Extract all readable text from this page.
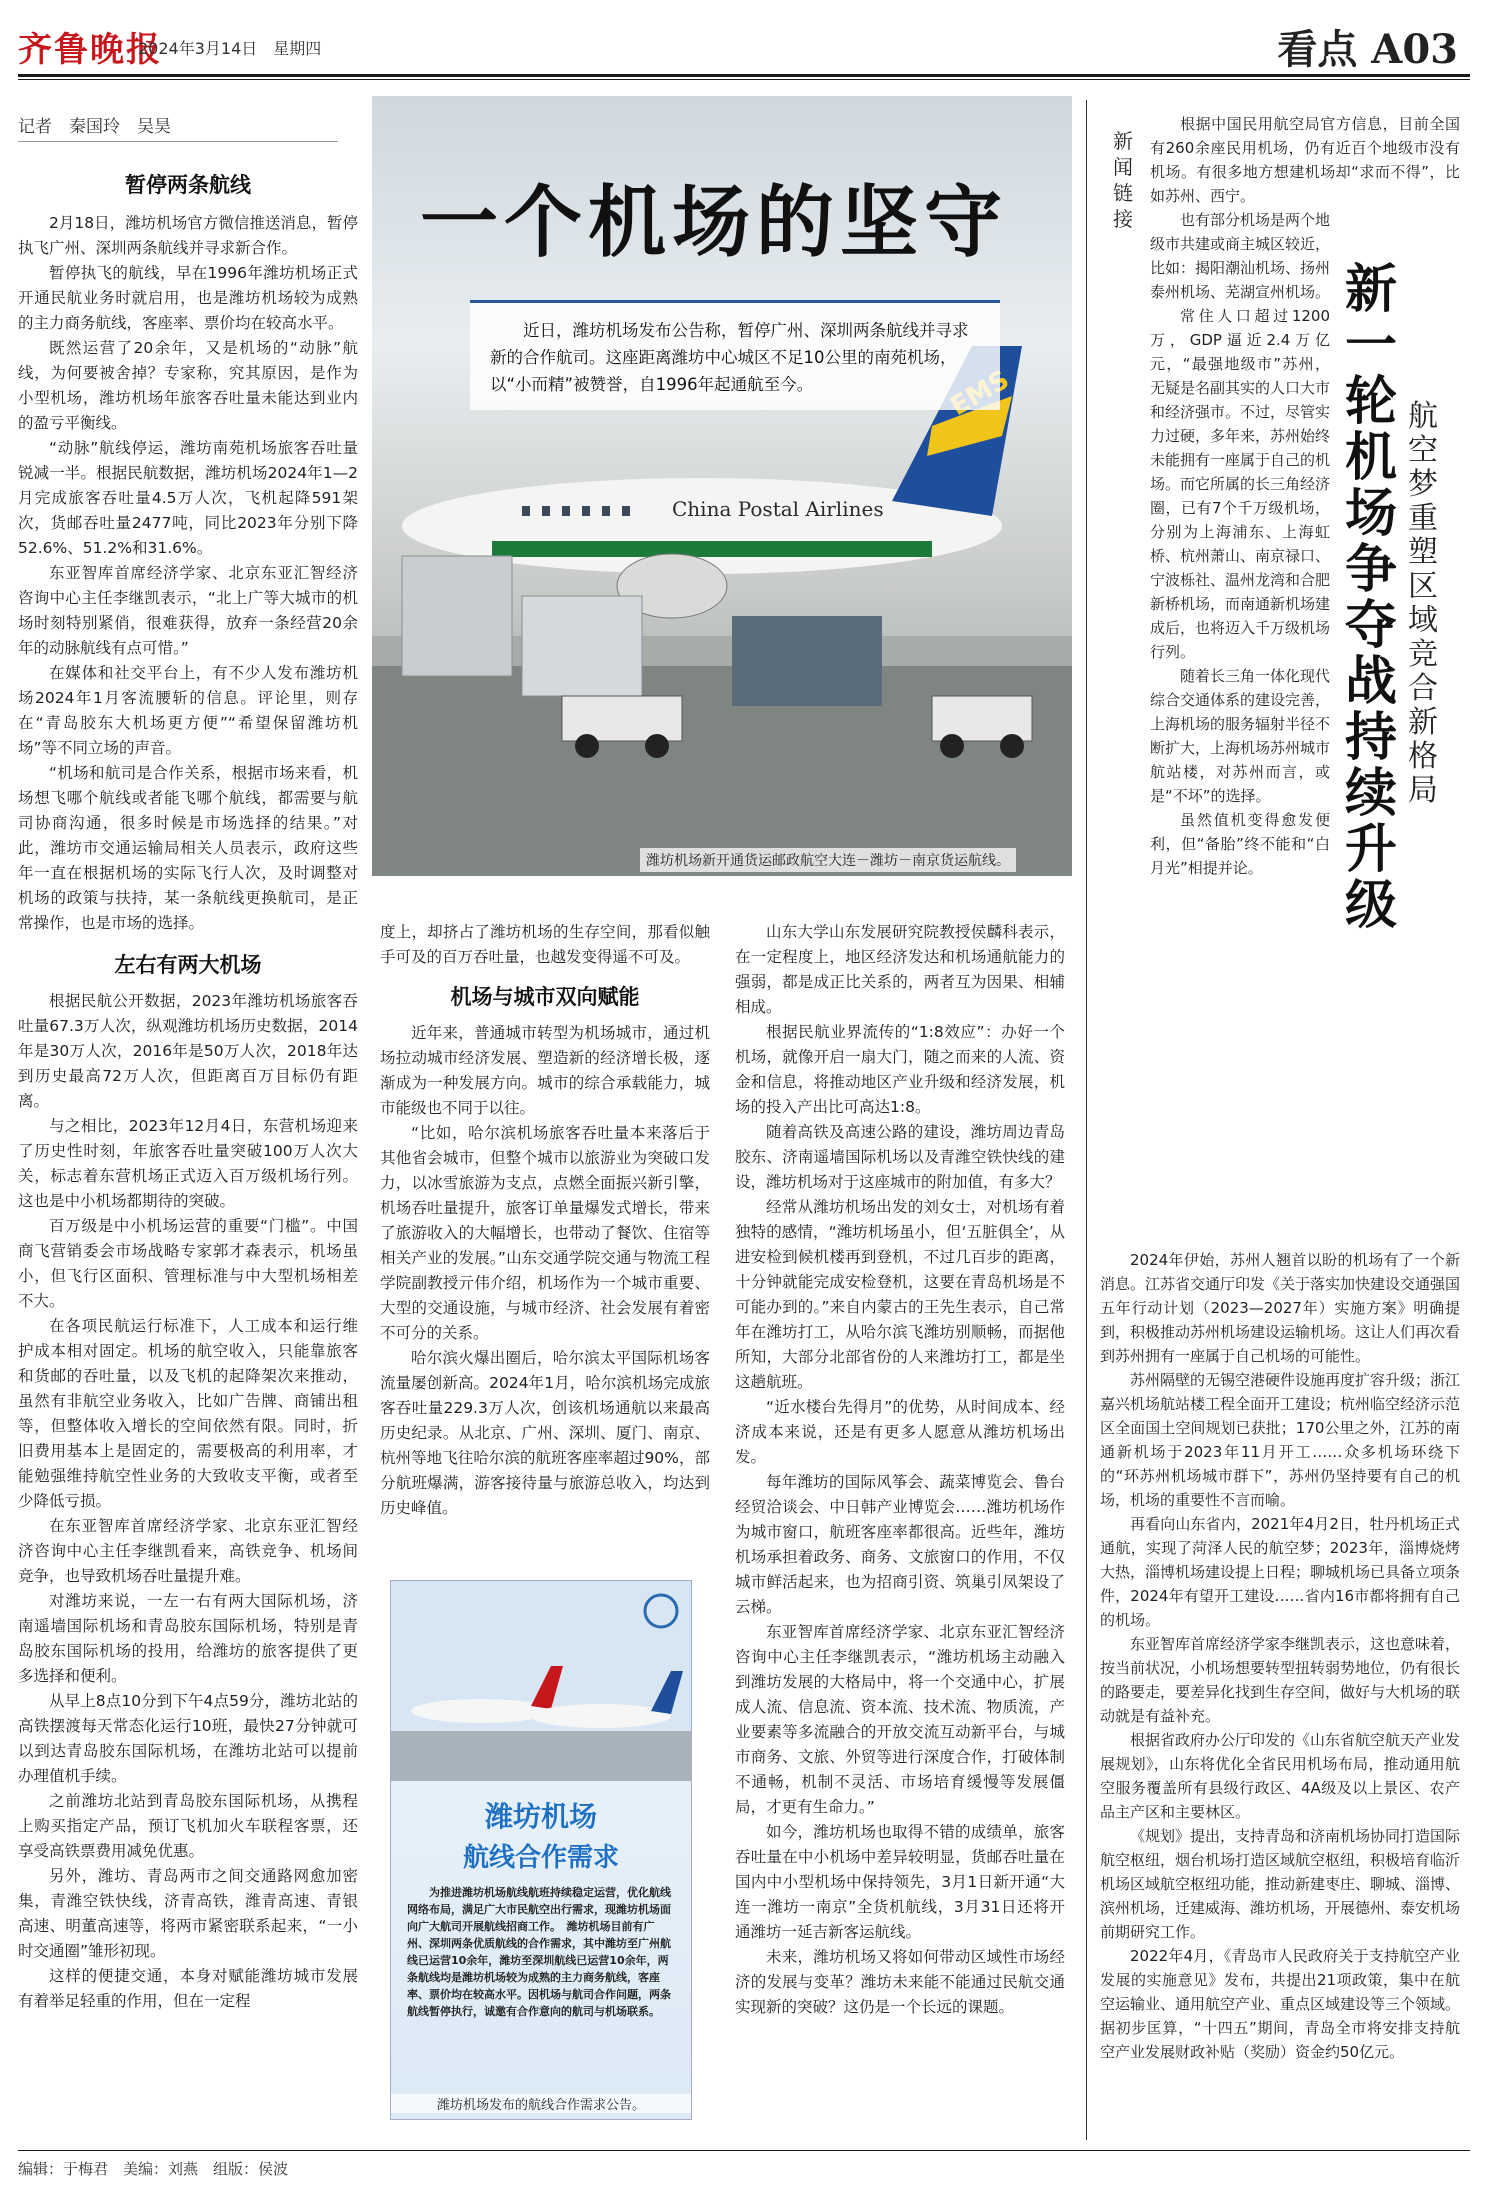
齐鲁晚报
2024年3月14日　星期四	看点 A03
记者　秦国玲　吴昊
暂停两条航线

2月18日，潍坊机场官方微信推送消息，暂停执飞广州、深圳两条航线并寻求新合作。

暂停执飞的航线，早在1996年潍坊机场正式开通民航业务时就启用，也是潍坊机场较为成熟的主力商务航线，客座率、票价均在较高水平。

既然运营了20余年，又是机场的“动脉”航线，为何要被舍掉？专家称，究其原因，是作为小型机场，潍坊机场年旅客吞吐量未能达到业内的盈亏平衡线。

“动脉”航线停运，潍坊南苑机场旅客吞吐量锐减一半。根据民航数据，潍坊机场2024年1—2月完成旅客吞吐量4.5万人次，飞机起降591架次，货邮吞吐量2477吨，同比2023年分别下降52.6%、51.2%和31.6%。

东亚智库首席经济学家、北京东亚汇智经济咨询中心主任李继凯表示，“北上广等大城市的机场时刻特别紧俏，很难获得，放弃一条经营20余年的动脉航线有点可惜。”

在媒体和社交平台上，有不少人发布潍坊机场2024年1月客流腰斩的信息。评论里，则存在“青岛胶东大机场更方便”“希望保留潍坊机场”等不同立场的声音。

“机场和航司是合作关系，根据市场来看，机场想飞哪个航线或者能飞哪个航线，都需要与航司协商沟通，很多时候是市场选择的结果。”对此，潍坊市交通运输局相关人员表示，政府这些年一直在根据机场的实际飞行人次，及时调整对机场的政策与扶持，某一条航线更换航司，是正常操作，也是市场的选择。

左右有两大机场

根据民航公开数据，2023年潍坊机场旅客吞吐量67.3万人次，纵观潍坊机场历史数据，2014年是30万人次，2016年是50万人次，2018年达到历史最高72万人次，但距离百万目标仍有距离。

与之相比，2023年12月4日，东营机场迎来了历史性时刻，年旅客吞吐量突破100万人次大关，标志着东营机场正式迈入百万级机场行列。这也是中小机场都期待的突破。

百万级是中小机场运营的重要“门槛”。中国商飞营销委会市场战略专家郭才森表示，机场虽小，但飞行区面积、管理标准与中大型机场相差不大。

在各项民航运行标准下，人工成本和运行维护成本相对固定。机场的航空收入，只能靠旅客和货邮的吞吐量，以及飞机的起降架次来推动，虽然有非航空业务收入，比如广告牌、商铺出租等，但整体收入增长的空间依然有限。同时，折旧费用基本上是固定的，需要极高的利用率，才能勉强维持航空性业务的大致收支平衡，或者至少降低亏损。

在东亚智库首席经济学家、北京东亚汇智经济咨询中心主任李继凯看来，高铁竞争、机场间竞争，也导致机场吞吐量提升难。

对潍坊来说，一左一右有两大国际机场，济南遥墙国际机场和青岛胶东国际机场，特别是青岛胶东国际机场的投用，给潍坊的旅客提供了更多选择和便利。

从早上8点10分到下午4点59分，潍坊北站的高铁摆渡每天常态化运行10班，最快27分钟就可以到达青岛胶东国际机场，在潍坊北站可以提前办理值机手续。

之前潍坊北站到青岛胶东国际机场，从携程上购买指定产品，预订飞机加火车联程客票，还享受高铁票费用减免优惠。

另外，潍坊、青岛两市之间交通路网愈加密集，青潍空铁快线，济青高铁，潍青高速、青银高速、明董高速等，将两市紧密联系起来，“一小时交通圈”雏形初现。

这样的便捷交通，本身对赋能潍坊城市发展有着举足轻重的作用，但在一定程

China Postal Airlines
一个机场的坚守
近日，潍坊机场发布公告称，暂停广州、深圳两条航线并寻求新的合作航司。这座距离潍坊中心城区不足10公里的南苑机场，以“小而精”被赞誉，自1996年起通航至今。
潍坊机场新开通货运邮政航空大连－潍坊－南京货运航线。

度上，却挤占了潍坊机场的生存空间，那看似触手可及的百万吞吐量，也越发变得遥不可及。

机场与城市双向赋能

近年来，普通城市转型为机场城市，通过机场拉动城市经济发展、塑造新的经济增长极，逐渐成为一种发展方向。城市的综合承载能力，城市能级也不同于以往。

“比如，哈尔滨机场旅客吞吐量本来落后于其他省会城市，但整个城市以旅游业为突破口发力，以冰雪旅游为支点，点燃全面振兴新引擎，机场吞吐量提升，旅客订单量爆发式增长，带来了旅游收入的大幅增长，也带动了餐饮、住宿等相关产业的发展。”山东交通学院交通与物流工程学院副教授亓伟介绍，机场作为一个城市重要、大型的交通设施，与城市经济、社会发展有着密不可分的关系。

哈尔滨火爆出圈后，哈尔滨太平国际机场客流量屡创新高。2024年1月，哈尔滨机场完成旅客吞吐量229.3万人次，创该机场通航以来最高历史纪录。从北京、广州、深圳、厦门、南京、杭州等地飞往哈尔滨的航班客座率超过90%，部分航班爆满，游客接待量与旅游总收入，均达到历史峰值。

潍坊机场
航线合作需求
为推进潍坊机场航线航班持续稳定运营，优化航线网络布局，满足广大市民航空出行需求，现潍坊机场面向广大航司开展航线招商工作。　潍坊机场目前有广州、深圳两条优质航线的合作需求，其中潍坊至广州航线已运营10余年，潍坊至深圳航线已运营10余年，两条航线均是潍坊机场较为成熟的主力商务航线，客座率、票价均在较高水平。因机场与航司合作问题，两条航线暂停执行，诚邀有合作意向的航司与机场联系。
潍坊机场发布的航线合作需求公告。

山东大学山东发展研究院教授侯麟科表示，在一定程度上，地区经济发达和机场通航能力的强弱，都是成正比关系的，两者互为因果、相辅相成。

根据民航业界流传的“1:8效应”：办好一个机场，就像开启一扇大门，随之而来的人流、资金和信息，将推动地区产业升级和经济发展，机场的投入产出比可高达1:8。

随着高铁及高速公路的建设，潍坊周边青岛胶东、济南遥墙国际机场以及青潍空铁快线的建设，潍坊机场对于这座城市的附加值，有多大？

经常从潍坊机场出发的刘女士，对机场有着独特的感情，“潍坊机场虽小，但‘五脏俱全’，从进安检到候机楼再到登机，不过几百步的距离，十分钟就能完成安检登机，这要在青岛机场是不可能办到的。”来自内蒙古的王先生表示，自己常年在潍坊打工，从哈尔滨飞潍坊别顺畅，而据他所知，大部分北部省份的人来潍坊打工，都是坐这趟航班。

“近水楼台先得月”的优势，从时间成本、经济成本来说，还是有更多人愿意从潍坊机场出发。

每年潍坊的国际风筝会、蔬菜博览会、鲁台经贸洽谈会、中日韩产业博览会……潍坊机场作为城市窗口，航班客座率都很高。近些年，潍坊机场承担着政务、商务、文旅窗口的作用，不仅城市鲜活起来，也为招商引资、筑巢引凤架设了云梯。

东亚智库首席经济学家、北京东亚汇智经济咨询中心主任李继凯表示，“潍坊机场主动融入到潍坊发展的大格局中，将一个交通中心，扩展成人流、信息流、资本流、技术流、物质流，产业要素等多流融合的开放交流互动新平台，与城市商务、文旅、外贸等进行深度合作，打破体制不通畅，机制不灵活、市场培育缓慢等发展僵局，才更有生命力。”

如今，潍坊机场也取得不错的成绩单，旅客吞吐量在中小机场中差异较明显，货邮吞吐量在国内中小型机场中保持领先，3月1日新开通“大连一潍坊一南京”全货机航线，3月31日还将开通潍坊一延吉新客运航线。

未来，潍坊机场又将如何带动区域性市场经济的发展与变革？潍坊未来能不能通过民航交通实现新的突破？这仍是一个长远的课题。

新闻链接

根据中国民用航空局官方信息，目前全国有260余座民用机场，仍有近百个地级市没有机场。有很多地方想建机场却“求而不得”，比如苏州、西宁。

也有部分机场是两个地级市共建或商主城区较近，比如：揭阳潮汕机场、扬州泰州机场、芜湖宣州机场。

常住人口超过1200万，GDP逼近2.4万亿元，“最强地级市”苏州，无疑是名副其实的人口大市和经济强市。不过，尽管实力过硬，多年来，苏州始终未能拥有一座属于自己的机场。而它所属的长三角经济圈，已有7个千万级机场，分别为上海浦东、上海虹桥、杭州萧山、南京禄口、宁波栎社、温州龙湾和合肥新桥机场，而南通新机场建成后，也将迈入千万级机场行列。

随着长三角一体化现代综合交通体系的建设完善，上海机场的服务辐射半径不断扩大，上海机场苏州城市航站楼，对苏州而言，或是“不坏”的选择。

虽然值机变得愈发便利，但“备胎”终不能和“白月光”相提并论。

新一轮机场争夺战持续升级
航空梦重塑区域竞合新格局

2024年伊始，苏州人翘首以盼的机场有了一个新消息。江苏省交通厅印发《关于落实加快建设交通强国五年行动计划（2023—2027年）实施方案》明确提到，积极推动苏州机场建设运输机场。这让人们再次看到苏州拥有一座属于自己机场的可能性。

苏州隔壁的无锡空港硬件设施再度扩容升级；浙江嘉兴机场航站楼工程全面开工建设；杭州临空经济示范区全面国土空间规划已获批；170公里之外，江苏的南通新机场于2023年11月开工……众多机场环绕下的“环苏州机场城市群下”，苏州仍坚持要有自己的机场，机场的重要性不言而喻。

再看向山东省内，2021年4月2日，牡丹机场正式通航，实现了菏泽人民的航空梦；2023年，淄博烧烤大热，淄博机场建设提上日程；聊城机场已具备立项条件，2024年有望开工建设……省内16市都将拥有自己的机场。

东亚智库首席经济学家李继凯表示，这也意味着，按当前状况，小机场想要转型扭转弱势地位，仍有很长的路要走，要差异化找到生存空间，做好与大机场的联动就是有益补充。

根据省政府办公厅印发的《山东省航空航天产业发展规划》，山东将优化全省民用机场布局，推动通用航空服务覆盖所有县级行政区、4A级及以上景区、农产品主产区和主要林区。

《规划》提出，支持青岛和济南机场协同打造国际航空枢纽，烟台机场打造区域航空枢纽，积极培育临沂机场区域航空枢纽功能，推动新建枣庄、聊城、淄博、滨州机场，迁建威海、潍坊机场，开展德州、泰安机场前期研究工作。

2022年4月，《青岛市人民政府关于支持航空产业发展的实施意见》发布，共提出21项政策，集中在航空运输业、通用航空产业、重点区域建设等三个领域。据初步匡算，“十四五”期间，青岛全市将安排支持航空产业发展财政补贴（奖励）资金约50亿元。

编辑：于梅君　美编：刘燕　组版：侯波
